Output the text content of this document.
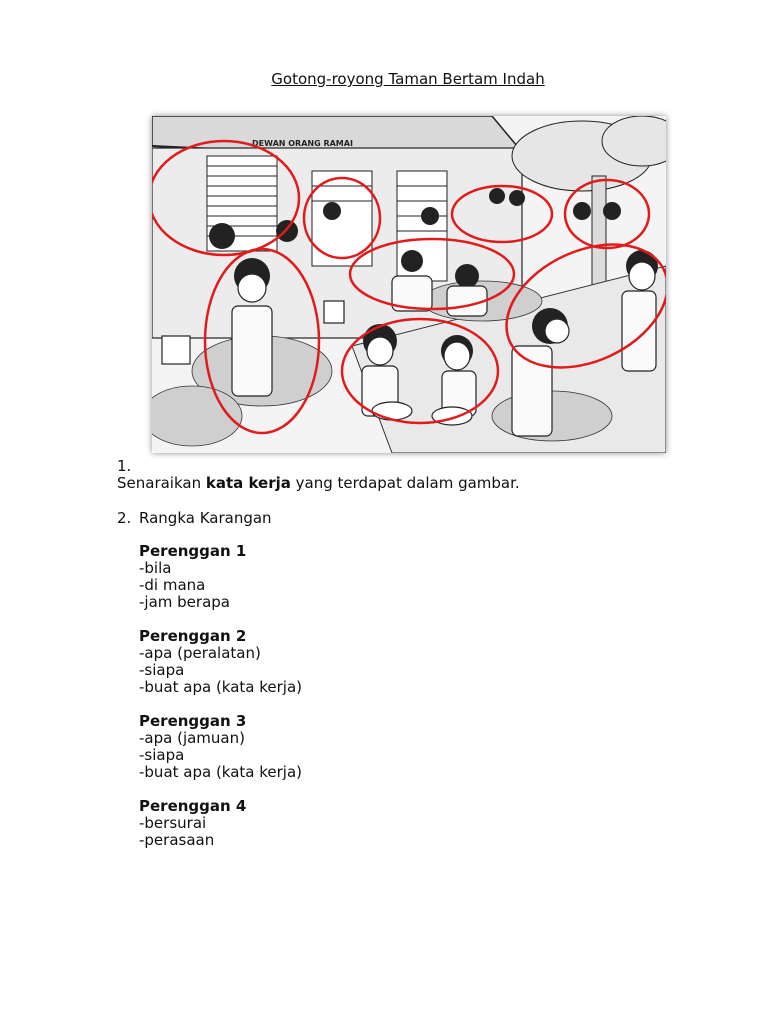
Gotong-royong Taman Bertam Indah
DEWAN ORANG RAMAI
1.
Senaraikan kata kerja yang terdapat dalam gambar.
2. Rangka Karangan
Perenggan 1
-bila
-di mana
-jam berapa
Perenggan 2
-apa (peralatan)
-siapa
-buat apa (kata kerja)
Perenggan 3
-apa (jamuan)
-siapa
-buat apa (kata kerja)
Perenggan 4
-bersurai
-perasaan
